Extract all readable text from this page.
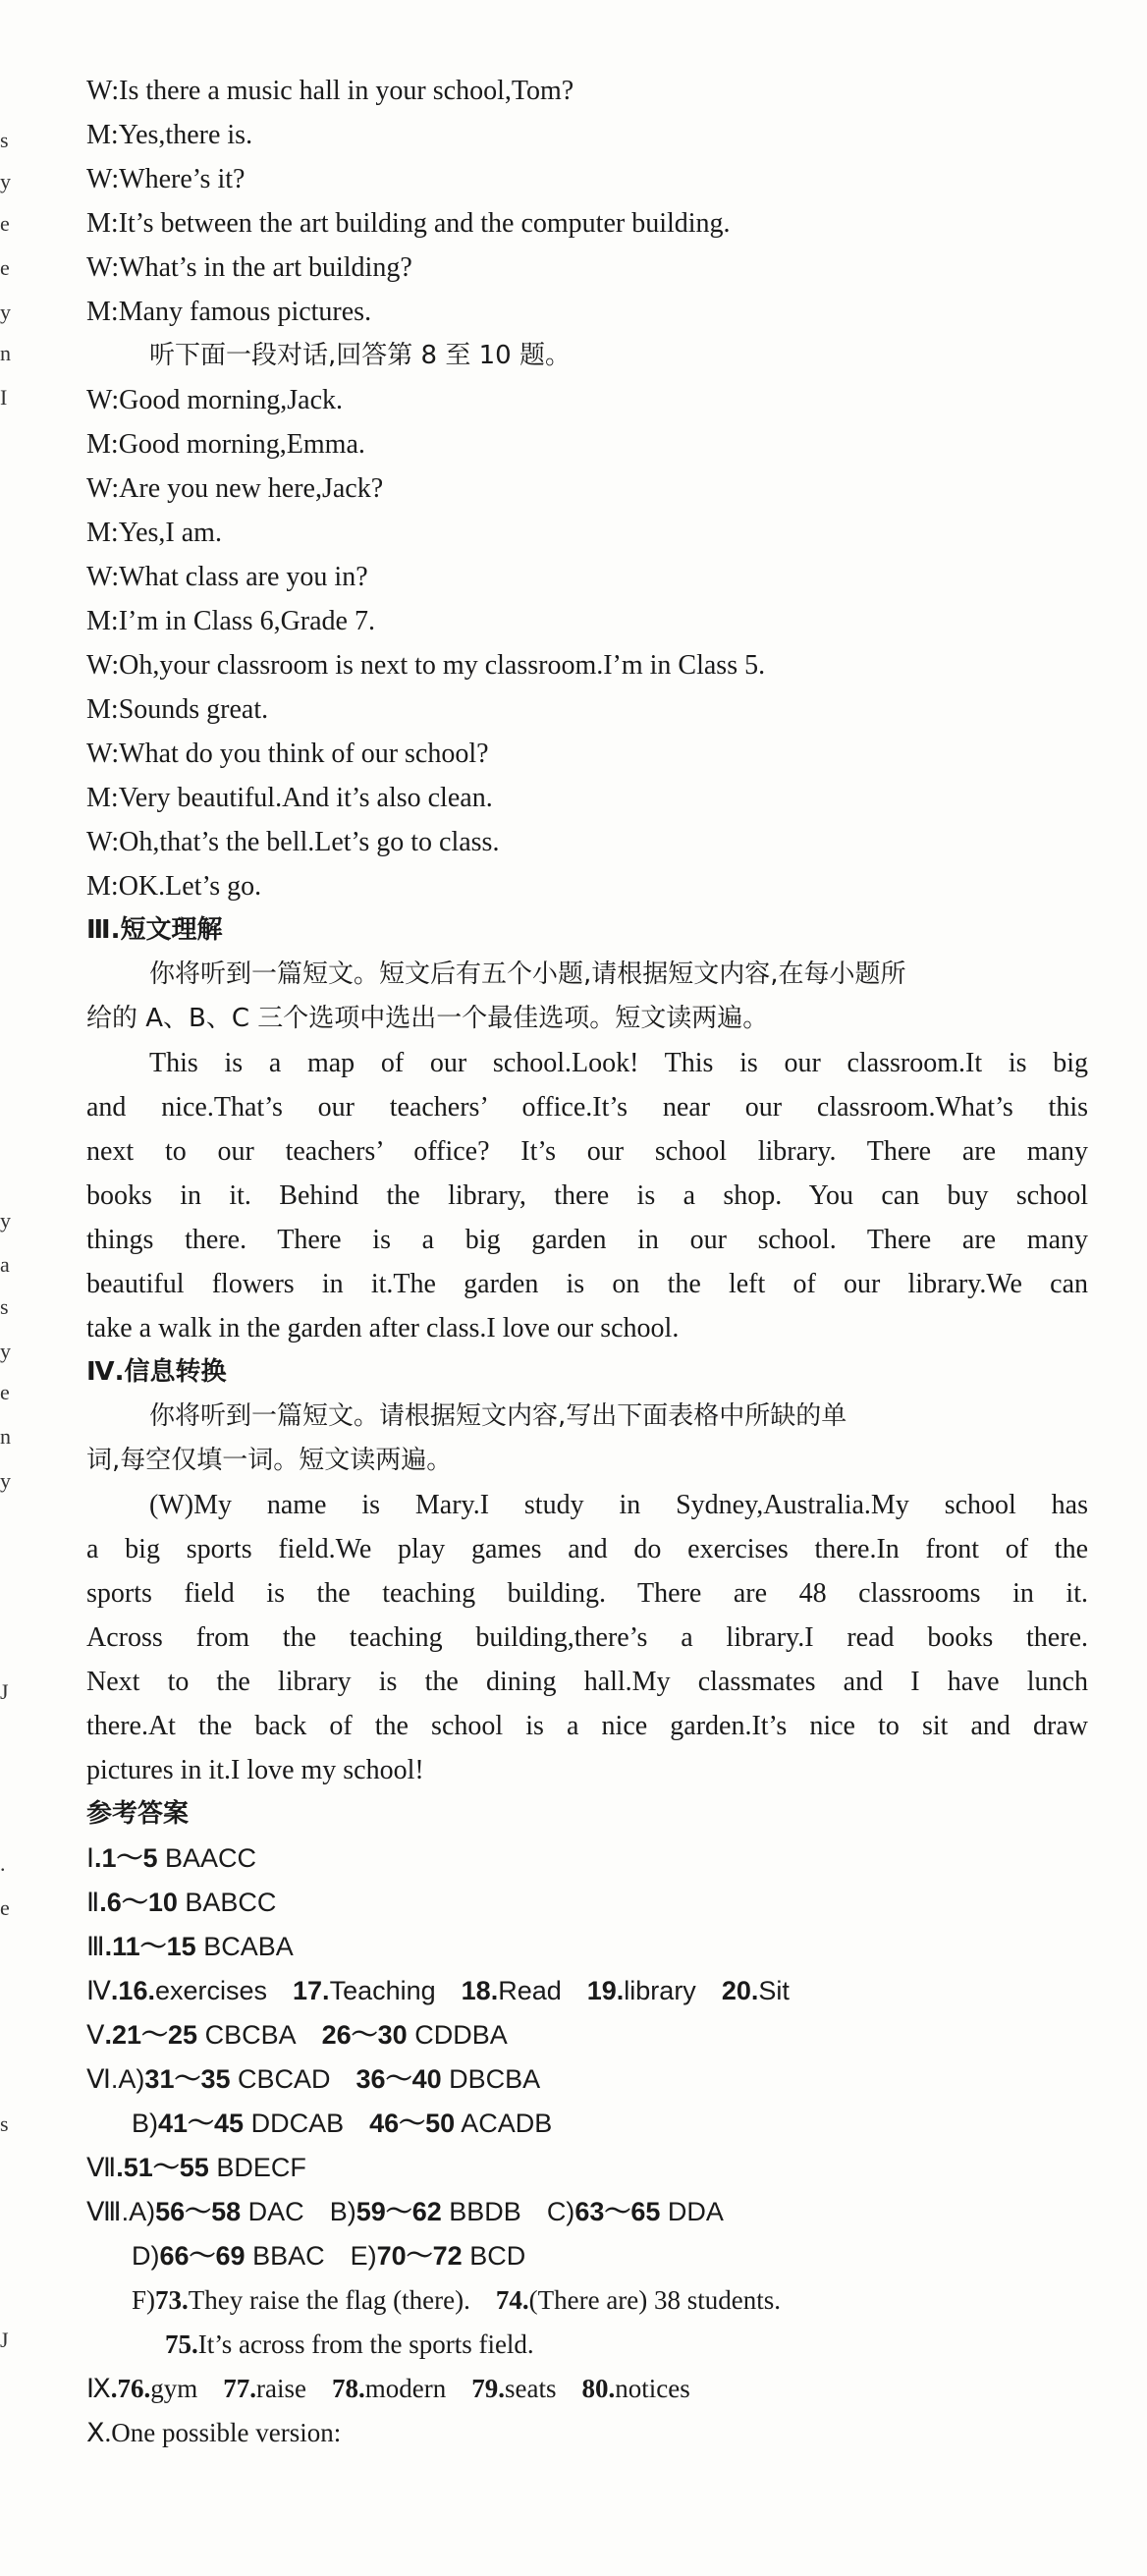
s
y
e
e
y
n
I
y
a
s
y
e
n
y
J
.
e
s
J
W:Is there a music hall in your school,Tom?
M:Yes,there is.
W:Where’s it?
M:It’s between the art building and the computer building.
W:What’s in the art building?
M:Many famous pictures.
听下面一段对话,回答第 8 至 10 题。
W:Good morning,Jack.
M:Good morning,Emma.
W:Are you new here,Jack?
M:Yes,I am.
W:What class are you in?
M:I’m in Class 6,Grade 7.
W:Oh,your classroom is next to my classroom.I’m in Class 5.
M:Sounds great.
W:What do you think of our school?
M:Very beautiful.And it’s also clean.
W:Oh,that’s the bell.Let’s go to class.
M:OK.Let’s go.
Ⅲ.短文理解
你将听到一篇短文。短文后有五个小题,请根据短文内容,在每小题所
给的 A、B、C 三个选项中选出一个最佳选项。短文读两遍。
This is a map of our school.Look! This is our classroom.It is big
and nice.That’s our teachers’ office.It’s near our classroom.What’s this
next to our teachers’ office? It’s our school library. There are many
books in it. Behind the library, there is a shop. You can buy school
things there. There is a big garden in our school. There are many
beautiful flowers in it.The garden is on the left of our library.We can
take a walk in the garden after class.I love our school.
Ⅳ.信息转换
你将听到一篇短文。请根据短文内容,写出下面表格中所缺的单
词,每空仅填一词。短文读两遍。
(W)My name is Mary.I study in Sydney,Australia.My school has
a big sports field.We play games and do exercises there.In front of the
sports field is the teaching building. There are 48 classrooms in it.
Across from the teaching building,there’s a library.I read books there.
Next to the library is the dining hall.My classmates and I have lunch
there.At the back of the school is a nice garden.It’s nice to sit and draw
pictures in it.I love my school!
参考答案
Ⅰ.1～5 BAACC
Ⅱ.6～10 BABCC
Ⅲ.11～15 BCABA
Ⅳ.16.exercises 17.Teaching 18.Read 19.library 20.Sit
Ⅴ.21～25 CBCBA 26～30 CDDBA
Ⅵ.A)31～35 CBCAD 36～40 DBCBA
B)41～45 DDCAB 46～50 ACADB
Ⅶ.51～55 BDECF
Ⅷ.A)56～58 DAC B)59～62 BBDB C)63～65 DDA
D)66～69 BBAC E)70～72 BCD
F)73.They raise the flag (there). 74.(There are) 38 students.
75.It’s across from the sports field.
Ⅸ.76.gym 77.raise 78.modern 79.seats 80.notices
Ⅹ.One possible version:
